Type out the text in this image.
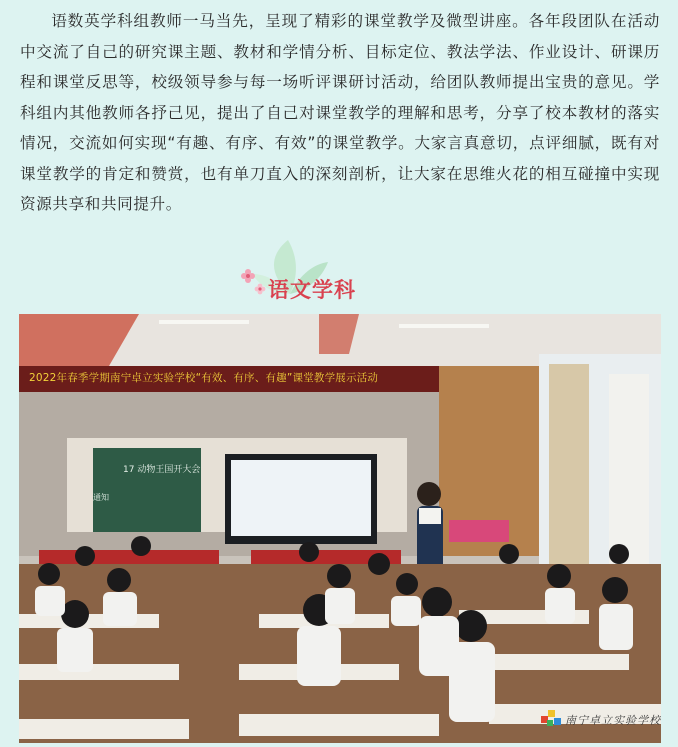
语数英学科组教师一马当先，呈现了精彩的课堂教学及微型讲座。各年段团队在活动中交流了自己的研究课主题、教材和学情分析、目标定位、教法学法、作业设计、研课历程和课堂反思等，校级领导参与每一场听评课研讨活动，给团队教师提出宝贵的意见。学科组内其他教师各抒己见，提出了自己对课堂教学的理解和思考，分享了校本教材的落实情况，交流如何实现“有趣、有序、有效”的课堂教学。大家言真意切，点评细腻，既有对课堂教学的肯定和赞赏，也有单刀直入的深刻剖析，让大家在思维火花的相互碰撞中实现资源共享和共同提升。

语文学科
2022年春季学期南宁卓立实验学校“有效、有序、有趣”课堂教学展示活动
17 动物王国开大会
通知
南宁卓立实验学校
